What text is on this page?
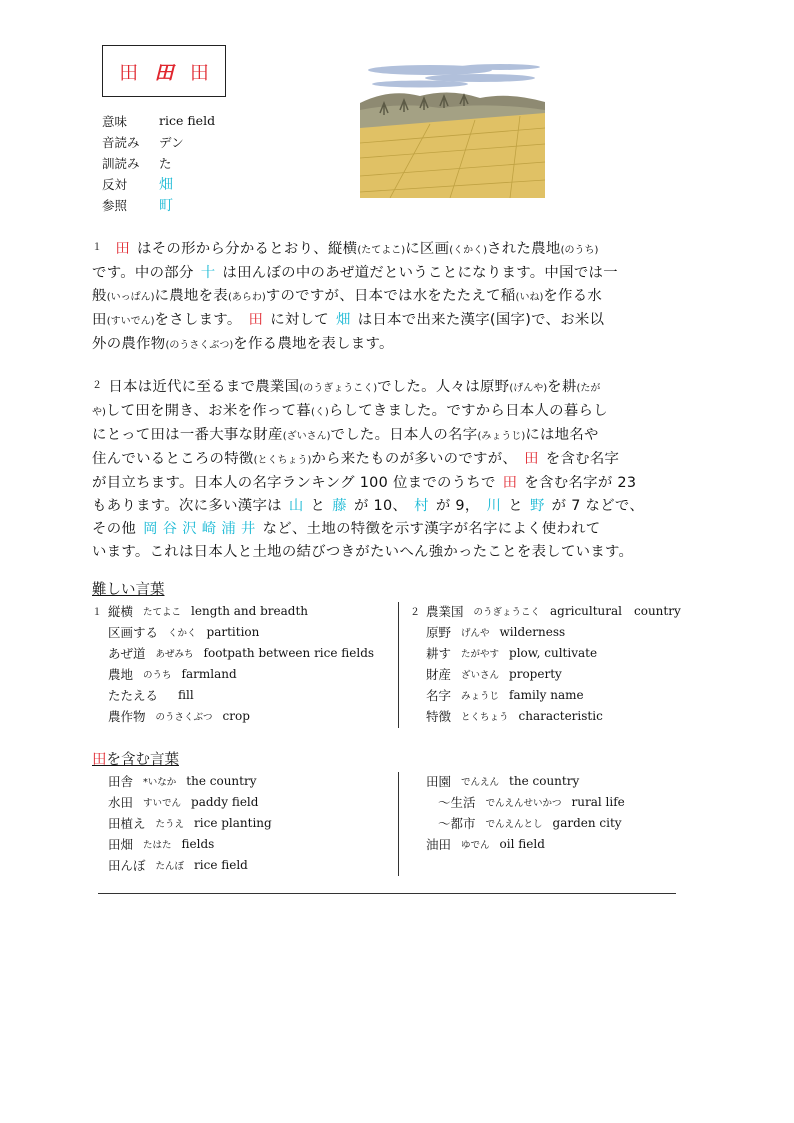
田 田 田
意味	rice field
音読み	デン
訓読み	た
反対	畑
参照	町
$^1$ 田 はその形から分かるとおり、縦横(たてよこ)に区画(くかく)された農地(のうち)
です。中の部分 十 は田んぼの中のあぜ道だということになります。中国では一
般(いっぱん)に農地を表(あらわ)すのですが、日本では水をたたえて稲(いね)を作る水
田(すいでん)をさします。 田 に対して 畑 は日本で出来た漢字(国字)で、お米以
外の農作物(のうさくぶつ)を作る農地を表します。
$^2$ 日本は近代に至るまで農業国(のうぎょうこく)でした。人々は原野(げんや)を耕(たが
や)して田を開き、お米を作って暮(く)らしてきました。ですから日本人の暮らし
にとって田は一番大事な財産(ざいさん)でした。日本人の名字(みょうじ)には地名や
住んでいるところの特徴(とくちょう)から来たものが多いのですが、 田 を含む名字
が目立ちます。日本人の名字ランキング 100 位までのうちで 田 を含む名字が 23
もあります。次に多い漢字は 山 と 藤 が 10、 村 が 9， 川 と 野 が 7 などで、
その他 岡 谷 沢 崎 浦 井 など、土地の特徴を示す漢字が名字によく使われて
います。これは日本人と土地の結びつきがたいへん強かったことを表しています。
難しい言葉
１ 縦横 たてよこ length and breadth
区画する くかく partition
あぜ道 あぜみち footpath between rice fields
農地 のうち farmland
たたえる fill
農作物 のうさくぶつ crop
２ 農業国 のうぎょうこく agricultural　country
原野 げんや wilderness
耕す たがやす plow, cultivate
財産 ざいさん property
名字 みょうじ family name
特徴 とくちょう characteristic
田を含む言葉
田舎 *いなか the country
水田 すいでん paddy field
田植え たうえ rice planting
田畑 たはた fields
田んぼ たんぼ rice field
田園 でんえん the country
～生活 でんえんせいかつ rural life
～都市 でんえんとし garden city
油田 ゆでん oil field
